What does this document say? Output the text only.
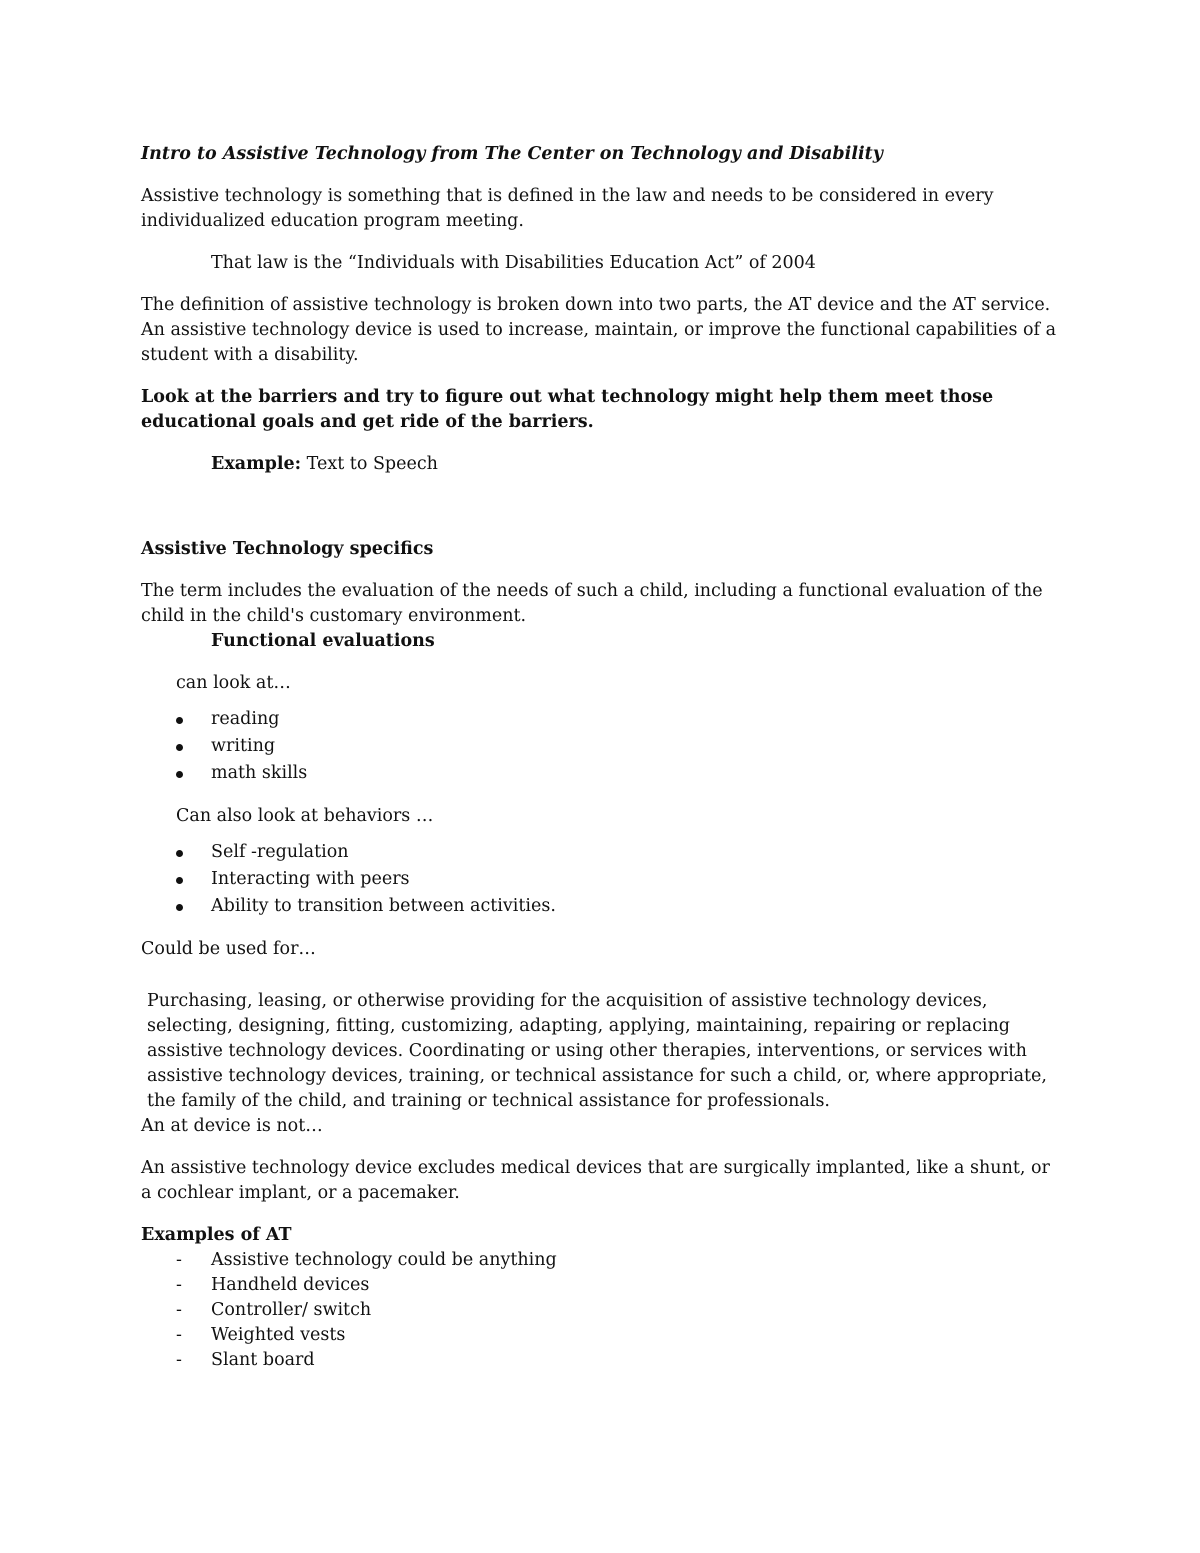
Intro to Assistive Technology from The Center on Technology and Disability

Assistive technology is something that is defined in the law and needs to be considered in every individualized education program meeting.

That law is the “Individuals with Disabilities Education Act” of 2004

The definition of assistive technology is broken down into two parts, the AT device and the AT service. An assistive technology device is used to increase, maintain, or improve the functional capabilities of a student with a disability.

Look at the barriers and try to figure out what technology might help them meet those educational goals and get ride of the barriers.

Example: Text to Speech

Assistive Technology specifics

The term includes the evaluation of the needs of such a child, including a functional evaluation of the child in the child's customary environment.

Functional evaluations

can look at…

reading
writing
math skills

Can also look at behaviors …

Self -regulation
Interacting with peers
Ability to transition between activities.

Could be used for…

Purchasing, leasing, or otherwise providing for the acquisition of assistive technology devices, selecting, designing, fitting, customizing, adapting, applying, maintaining, repairing or replacing assistive technology devices. Coordinating or using other therapies, interventions, or services with assistive technology devices, training, or technical assistance for such a child, or, where appropriate, the family of the child, and training or technical assistance for professionals.

An at device is not…

An assistive technology device excludes medical devices that are surgically implanted, like a shunt, or a cochlear implant, or a pacemaker.

Examples of AT

- Assistive technology could be anything
- Handheld devices
- Controller/ switch
- Weighted vests
- Slant board
